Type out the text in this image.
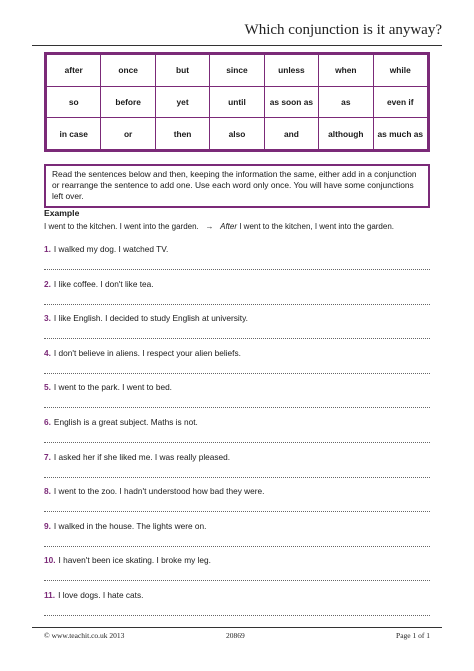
Which conjunction is it anyway?
after	once	but	since	unless	when	while
so	before	yet	until	as soon as	as	even if
in case	or	then	also	and	although	as much as
Read the sentences below and then, keeping the information the same, either add in a conjunction or rearrange the sentence to add one. Use each word only once. You will have some conjunctions left over.
Example
I went to the kitchen. I went into the garden. → After I went to the kitchen, I went into the garden.
1. I walked my dog. I watched TV.
2. I like coffee. I don't like tea.
3. I like English. I decided to study English at university.
4. I don't believe in aliens. I respect your alien beliefs.
5. I went to the park. I went to bed.
6. English is a great subject. Maths is not.
7. I asked her if she liked me. I was really pleased.
8. I went to the zoo. I hadn't understood how bad they were.
9. I walked in the house. The lights were on.
10. I haven't been ice skating. I broke my leg.
11. I love dogs. I hate cats.
© www.teachit.co.uk 2013	20869	Page 1 of 1
